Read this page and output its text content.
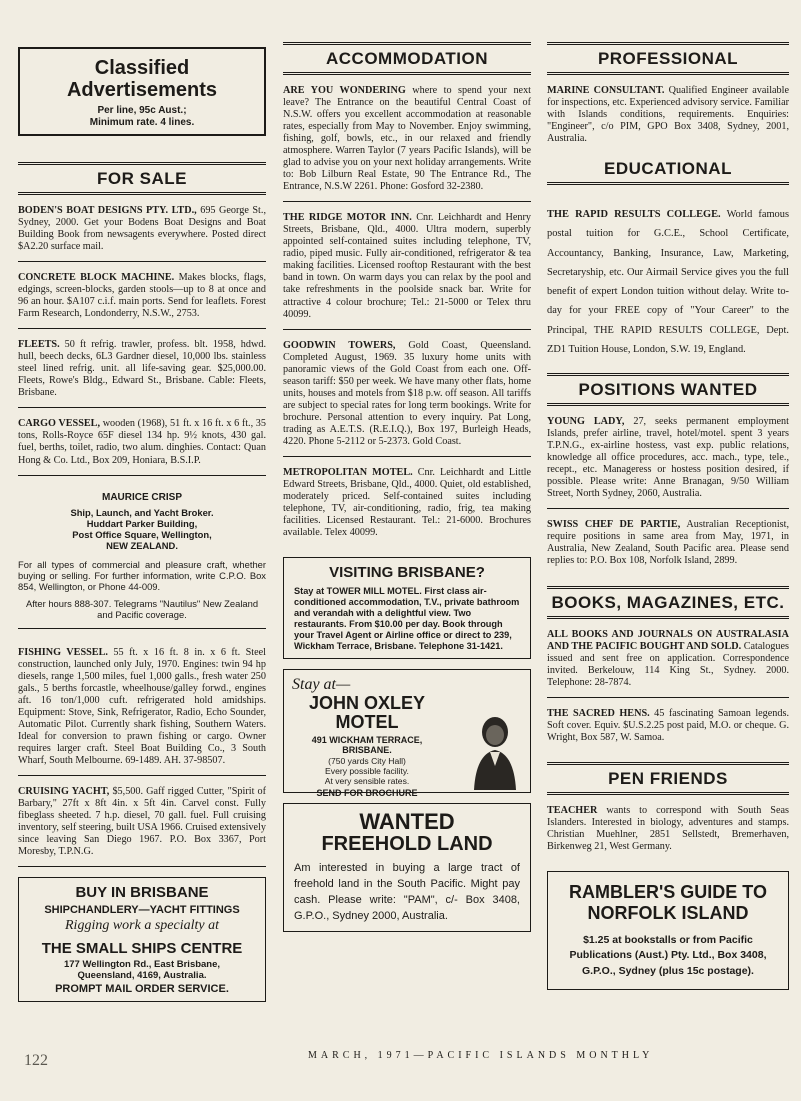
Classified Advertisements
Per line, 95c Aust.;
Minimum rate. 4 lines.
FOR SALE
BODEN'S BOAT DESIGNS PTY. LTD., 695 George St., Sydney, 2000. Get your Bodens Boat Designs and Boat Building Book from newsagents everywhere. Posted direct $A2.20 surface mail.
CONCRETE BLOCK MACHINE. Makes blocks, flags, edgings, screen-blocks, garden stools—up to 8 at once and 96 an hour. $A107 c.i.f. main ports. Send for leaflets. Forest Farm Research, Londonderry, N.S.W., 2753.
FLEETS. 50 ft refrig. trawler, profess. blt. 1958, hdwd. hull, beech decks, 6L3 Gardner diesel, 10,000 lbs. stainless steel lined refrig. unit. all life-saving gear. $25,000.00. Fleets, Rowe's Bldg., Edward St., Brisbane. Cable: Fleets, Brisbane.
CARGO VESSEL, wooden (1968), 51 ft. x 16 ft. x 6 ft., 35 tons, Rolls-Royce 65F diesel 134 hp. 9½ knots, 430 gal. fuel, berths, toilet, radio, two alum. dinghies. Contact: Quan Hong & Co. Ltd., Box 209, Honiara, B.S.I.P.
MAURICE CRISP
Ship, Launch, and Yacht Broker.
Huddart Parker Building,
Post Office Square, Wellington,
NEW ZEALAND.
For all types of commercial and pleasure craft, whether buying or selling. For further information, write C.P.O. Box 854, Wellington, or Phone 44-009.
After hours 888-307. Telegrams "Nautilus" New Zealand and Pacific coverage.
FISHING VESSEL. 55 ft. x 16 ft. 8 in. x 6 ft. Steel construction, launched only July, 1970. Engines: twin 94 hp diesels, range 1,500 miles, fuel 1,000 galls., fresh water 250 gals., 5 berths forcastle, wheelhouse/galley forwd., engines aft. 16 ton/1,000 cuft. refrigerated hold amidships. Equipment: Stove, Sink, Refrigerator, Radio, Echo Sounder, Automatic Pilot. Currently shark fishing, Southern Waters. Ideal for conversion to prawn fishing or cargo. Owner requires larger craft. Steel Boat Building Co., 3 South Wharf, South Melbourne. 69-1489. AH. 37-98507.
CRUISING YACHT, $5,500. Gaff rigged Cutter, "Spirit of Barbary," 27ft x 8ft 4in. x 5ft 4in. Carvel const. Fully fibeglass sheeted. 7 h.p. diesel, 70 gall. fuel. Full cruising inventory, self steering, built USA 1966. Cruised extensively since leaving San Diego 1967. P.O. Box 3367, Port Moresby, T.P.N.G.
BUY IN BRISBANE
SHIPCHANDLERY—YACHT FITTINGS
Rigging work a specialty at
THE SMALL SHIPS CENTRE
177 Wellington Rd., East Brisbane,
Queensland, 4169, Australia.
PROMPT MAIL ORDER SERVICE.
ACCOMMODATION
ARE YOU WONDERING where to spend your next leave? The Entrance on the beautiful Central Coast of N.S.W. offers you excellent accommodation at reasonable rates, especially from May to November. Enjoy swimming, fishing, golf, bowls, etc., in our relaxed and friendly atmosphere. Warren Taylor (7 years Pacific Islands), will be glad to advise you on your next holiday arrangements. Write to: Bob Lilburn Real Estate, 90 The Entrance Rd., The Entrance, N.S.W 2261. Phone: Gosford 32-2380.
THE RIDGE MOTOR INN. Cnr. Leichhardt and Henry Streets, Brisbane, Qld., 4000. Ultra modern, superbly appointed self-contained suites including telephone, TV, radio, piped music. Fully air-conditioned, refrigerator & tea making facilities. Licensed rooftop Restaurant with the best band in town. On warm days you can relax by the pool and take refreshments in the poolside snack bar. Write for attractive 4 colour brochure; Tel.: 21-5000 or Telex thru 40099.
GOODWIN TOWERS, Gold Coast, Queensland. Completed August, 1969. 35 luxury home units with panoramic views of the Gold Coast from each one. Off-season tariff: $50 per week. We have many other flats, home units, houses and motels from $18 p.w. off season. All tariffs are subject to special rates for long term bookings. Write for brochure. Personal attention to every inquiry. Pat Long, trading as A.E.T.S. (R.E.I.Q.), Box 197, Burleigh Heads, 4220. Phone 5-2112 or 5-2373. Gold Coast.
METROPOLITAN MOTEL. Cnr. Leichhardt and Little Edward Streets, Brisbane, Qld., 4000. Quiet, old established, moderately priced. Self-contained suites including telephone, TV, air-conditioning, radio, frig, tea making facilities. Licensed Restaurant. Tel.: 21-6000. Brochures available. Telex 40099.
VISITING BRISBANE?
Stay at TOWER MILL MOTEL. First class air-conditioned accommodation, T.V., private bathroom and verandah with a delightful view. Two restaurants. From $10.00 per day. Book through your Travel Agent or Airline office or direct to 239, Wickham Terrace, Brisbane. Telephone 31-1421.
Stay at—
JOHN OXLEY
MOTEL
491 WICKHAM TERRACE,
BRISBANE.
(750 yards City Hall)
Every possible facility.
At very sensible rates.
SEND FOR BROCHURE
WANTED
FREEHOLD LAND
Am interested in buying a large tract of freehold land in the South Pacific. Might pay cash. Please write: "PAM", c/- Box 3408, G.P.O., Sydney 2000, Australia.
PROFESSIONAL
MARINE CONSULTANT. Qualified Engineer available for inspections, etc. Experienced advisory service. Familiar with Islands conditions, requirements. Enquiries: "Engineer", c/o PIM, GPO Box 3408, Sydney, 2001, Australia.
EDUCATIONAL
THE RAPID RESULTS COLLEGE. World famous postal tuition for G.C.E., School Certificate, Accountancy, Banking, Insurance, Law, Marketing, Secretaryship, etc. Our Airmail Service gives you the full benefit of expert London tuition without delay. Write to-day for your FREE copy of "Your Career" to the Principal, THE RAPID RESULTS COLLEGE, Dept. ZD1 Tuition House, London, S.W. 19, England.
POSITIONS WANTED
YOUNG LADY, 27, seeks permanent employment Islands, prefer airline, travel, hotel/motel. spent 3 years T.P.N.G., ex-airline hostess, vast exp. public relations, knowledge all office procedures, acc. mach., type, tele., recept., etc. Manageress or hostess position desired, if possible. Please write: Anne Branagan, 9/50 William Street, North Sydney, 2060, Australia.
SWISS CHEF DE PARTIE, Australian Receptionist, require positions in same area from May, 1971, in Australia, New Zealand, South Pacific area. Please send replies to: P.O. Box 108, Norfolk Island, 2899.
BOOKS, MAGAZINES, ETC.
ALL BOOKS AND JOURNALS ON AUSTRALASIA AND THE PACIFIC BOUGHT AND SOLD. Catalogues issued and sent free on application. Correspondence invited. Berkelouw, 114 King St., Sydney. 2000. Telephone: 28-7874.
THE SACRED HENS. 45 fascinating Samoan legends. Soft cover. Equiv. $U.S.2.25 post paid, M.O. or cheque. G. Wright, Box 587, W. Samoa.
PEN FRIENDS
TEACHER wants to correspond with South Seas Islanders. Interested in biology, adventures and stamps. Christian Muehlner, 2851 Sellstedt, Bremerhaven, Birkenweg 21, West Germany.
RAMBLER'S GUIDE TO
NORFOLK ISLAND
$1.25 at bookstalls or from Pacific Publications (Aust.) Pty. Ltd., Box 3408, G.P.O., Sydney (plus 15c postage).
122	MARCH, 1971—PACIFIC ISLANDS MONTHLY
